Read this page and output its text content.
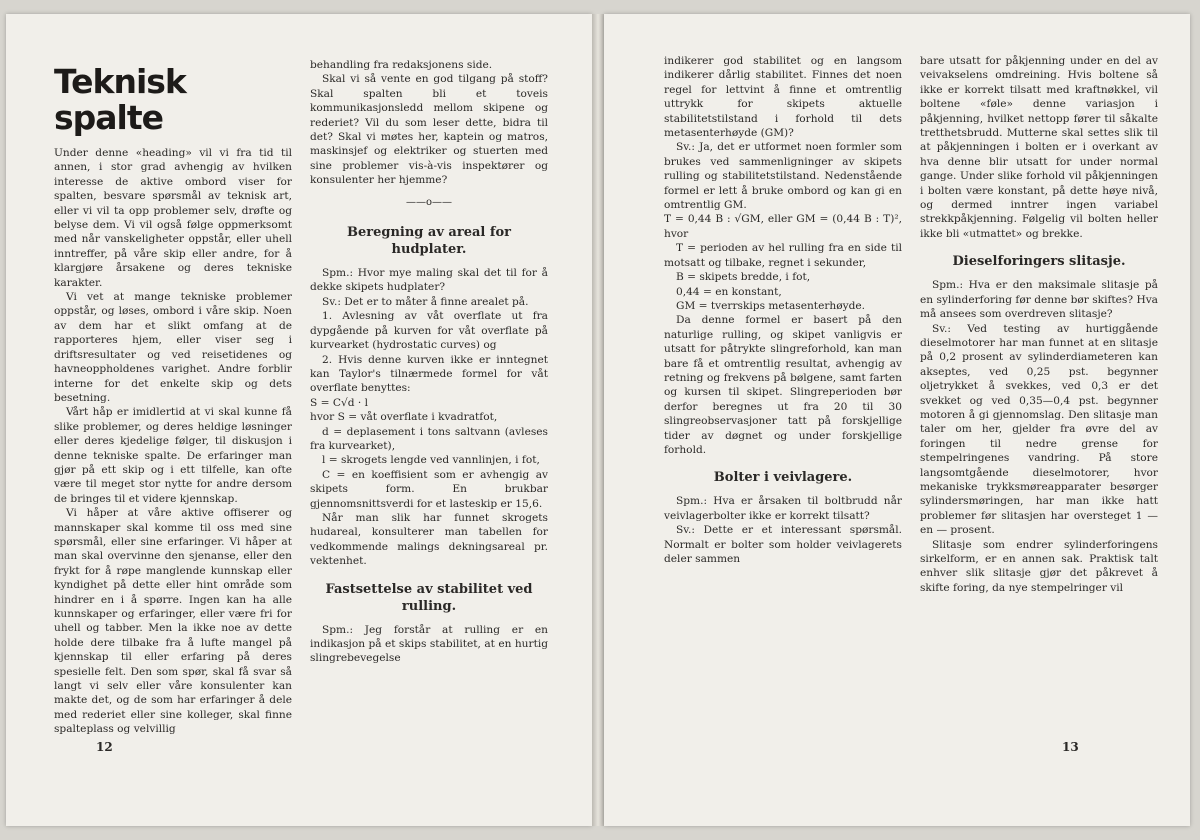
Teknisk spalte

Under denne «heading» vil vi fra tid til annen, i stor grad avhengig av hvilken interesse de aktive ombord viser for spalten, besvare spørsmål av teknisk art, eller vi vil ta opp problemer selv, drøfte og belyse dem. Vi vil også følge oppmerksomt med når vanskeligheter oppstår, eller uhell inntreffer, på våre skip eller andre, for å klargjøre årsakene og deres tekniske karakter.

Vi vet at mange tekniske problemer oppstår, og løses, ombord i våre skip. Noen av dem har et slikt omfang at de rapporteres hjem, eller viser seg i driftsresultater og ved reisetidenes og havneoppholdenes varighet. Andre forblir interne for det enkelte skip og dets besetning.

Vårt håp er imidlertid at vi skal kunne få slike problemer, og deres heldige løsninger eller deres kjedelige følger, til diskusjon i denne tekniske spalte. De erfaringer man gjør på ett skip og i ett tilfelle, kan ofte være til meget stor nytte for andre dersom de bringes til et videre kjennskap.

Vi håper at våre aktive offiserer og mannskaper skal komme til oss med sine spørsmål, eller sine erfaringer. Vi håper at man skal overvinne den sjenanse, eller den frykt for å røpe manglende kunnskap eller kyndighet på dette eller hint område som hindrer en i å spørre. Ingen kan ha alle kunnskaper og erfaringer, eller være fri for uhell og tabber. Men la ikke noe av dette holde dere tilbake fra å lufte mangel på kjennskap til eller erfaring på deres spesielle felt. Den som spør, skal få svar så langt vi selv eller våre konsulenter kan makte det, og de som har erfaringer å dele med rederiet eller sine kolleger, skal finne spalteplass og velvillig

behandling fra redaksjonens side.

Skal vi så vente en god tilgang på stoff? Skal spalten bli et toveis kommunikasjonsledd mellom skipene og rederiet? Vil du som leser dette, bidra til det? Skal vi møtes her, kaptein og matros, maskinsjef og elektriker og stuerten med sine problemer vis-à-vis inspektører og konsulenter her hjemme?

——o——
Beregning av areal for hudplater.

Spm.: Hvor mye maling skal det til for å dekke skipets hudplater?

Sv.: Det er to måter å finne arealet på.

1. Avlesning av våt overflate ut fra dypgående på kurven for våt overflate på kurvearket (hydrostatic curves) og

2. Hvis denne kurven ikke er inntegnet kan Taylor's tilnærmede formel for våt overflate benyttes:

S = C√d · l

hvor S = våt overflate i kvadratfot,

d = deplasement i tons saltvann (avleses fra kurvearket),

l = skrogets lengde ved vannlinjen, i fot,

C = en koeffisient som er avhengig av skipets form. En brukbar gjennomsnittsverdi for et lasteskip er 15,6.

Når man slik har funnet skrogets hudareal, konsulterer man tabellen for vedkommende malings dekningsareal pr. vektenhet.

Fastsettelse av stabilitet ved rulling.

Spm.: Jeg forstår at rulling er en indikasjon på et skips stabilitet, at en hurtig slingrebevegelse

12

indikerer god stabilitet og en langsom indikerer dårlig stabilitet. Finnes det noen regel for lettvint å finne et omtrentlig uttrykk for skipets aktuelle stabilitetstilstand i forhold til dets metasenterhøyde (GM)?

Sv.: Ja, det er utformet noen formler som brukes ved sammenligninger av skipets rulling og stabilitetstilstand. Nedenstående formel er lett å bruke ombord og kan gi en omtrentlig GM.

T = 0,44 B : √GM, eller GM = (0,44 B : T)², hvor

T = perioden av hel rulling fra en side til motsatt og tilbake, regnet i sekunder,

B = skipets bredde, i fot,

0,44 = en konstant,

GM = tverrskips metasenterhøyde.

Da denne formel er basert på den naturlige rulling, og skipet vanligvis er utsatt for påtrykte slingreforhold, kan man bare få et omtrentlig resultat, avhengig av retning og frekvens på bølgene, samt farten og kursen til skipet. Slingreperioden bør derfor beregnes ut fra 20 til 30 slingreobservasjoner tatt på forskjellige tider av døgnet og under forskjellige forhold.

Bolter i veivlagere.

Spm.: Hva er årsaken til boltbrudd når veivlagerbolter ikke er korrekt tilsatt?

Sv.: Dette er et interessant spørsmål. Normalt er bolter som holder veivlagerets deler sammen

bare utsatt for påkjenning under en del av veivakselens omdreining. Hvis boltene så ikke er korrekt tilsatt med kraftnøkkel, vil boltene «føle» denne variasjon i påkjenning, hvilket nettopp fører til såkalte tretthetsbrudd. Mutterne skal settes slik til at påkjenningen i bolten er i overkant av hva denne blir utsatt for under normal gange. Under slike forhold vil påkjenningen i bolten være konstant, på dette høye nivå, og dermed inntrer ingen variabel strekkpåkjenning. Følgelig vil bolten heller ikke bli «utmattet» og brekke.

Dieselforingers slitasje.

Spm.: Hva er den maksimale slitasje på en sylinderforing før denne bør skiftes? Hva må ansees som overdreven slitasje?

Sv.: Ved testing av hurtiggående dieselmotorer har man funnet at en slitasje på 0,2 prosent av sylinderdiameteren kan akseptes, ved 0,25 pst. begynner oljetrykket å svekkes, ved 0,3 er det svekket og ved 0,35—0,4 pst. begynner motoren å gi gjennomslag. Den slitasje man taler om her, gjelder fra øvre del av foringen til nedre grense for stempelringenes vandring. På store langsomtgående dieselmotorer, hvor mekaniske trykksmøreapparater besørger sylindersmøringen, har man ikke hatt problemer før slitasjen har oversteget 1 — en — prosent.

Slitasje som endrer sylinderforingens sirkelform, er en annen sak. Praktisk talt enhver slik slitasje gjør det påkrevet å skifte foring, da nye stempelringer vil

13
